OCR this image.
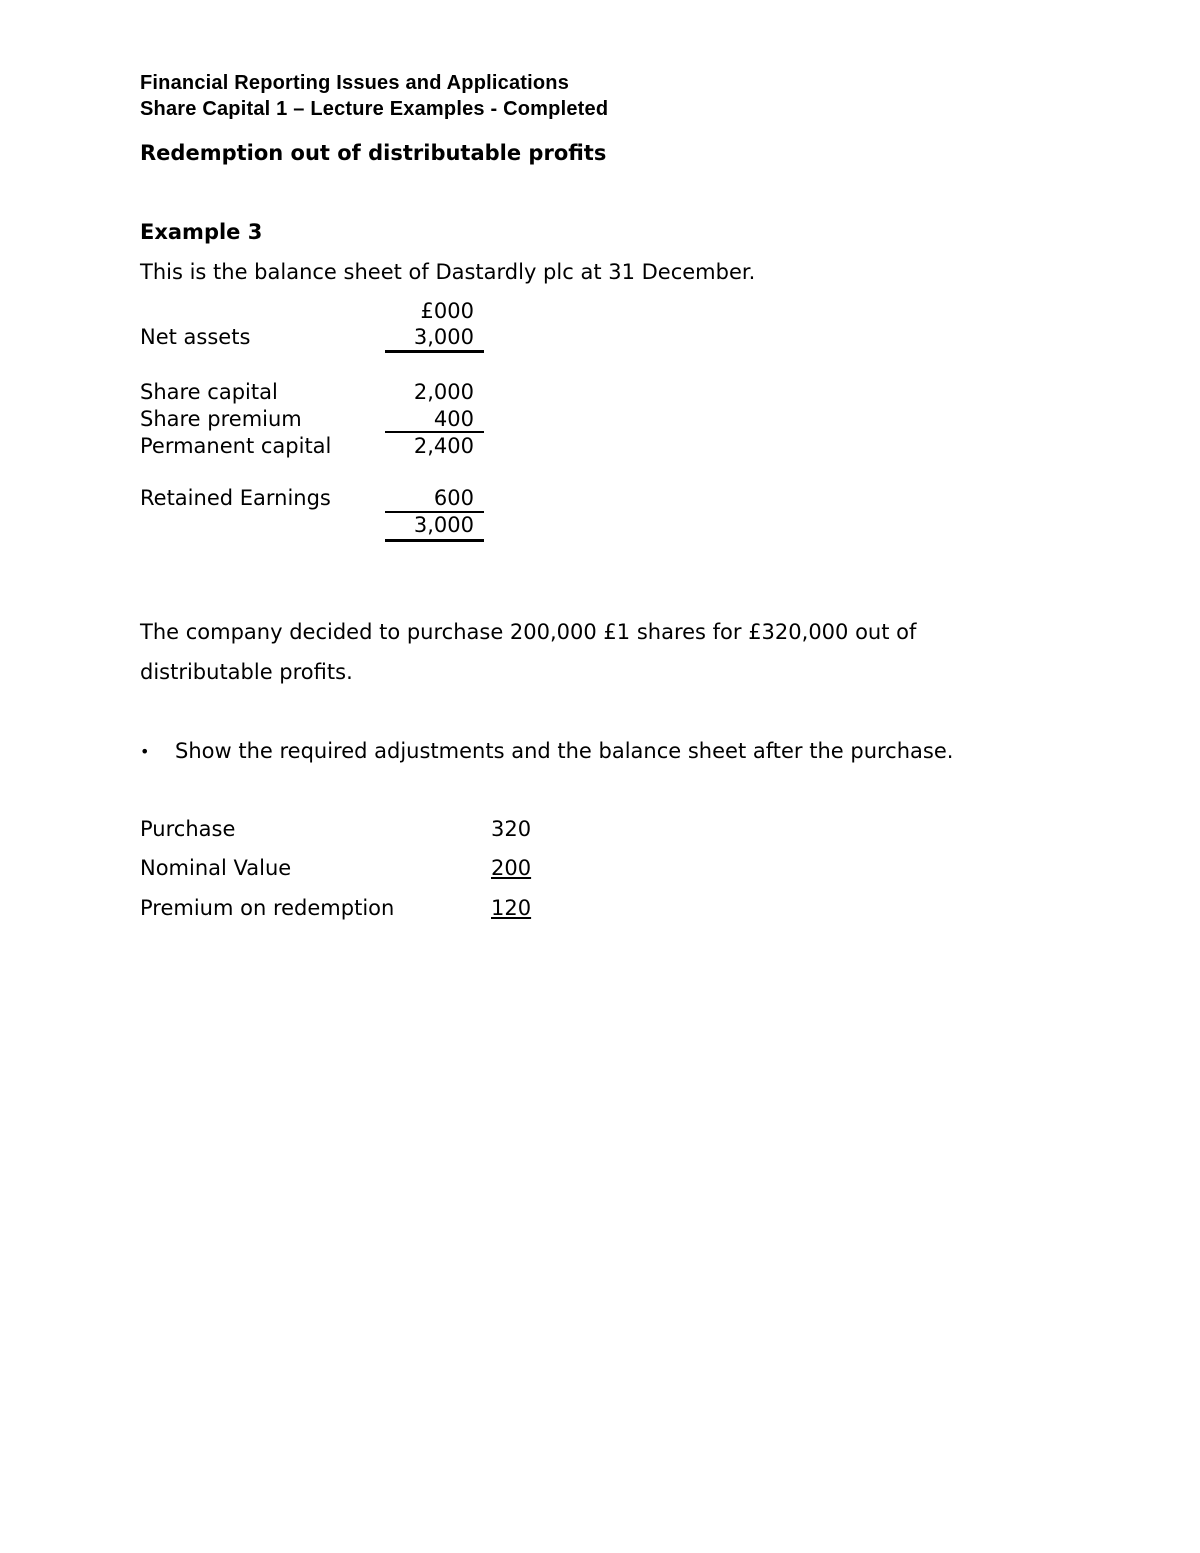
Financial Reporting Issues and Applications
Share Capital 1 – Lecture Examples - Completed
Redemption out of distributable profits
Example 3
This is the balance sheet of Dastardly plc at 31 December.
£000
Net assets	3,000
Share capital	2,000
Share premium	400
Permanent capital	2,400
Retained Earnings	600
3,000
The company decided to purchase 200,000 £1 shares for £320,000 out of
distributable profits.
• Show the required adjustments and the balance sheet after the purchase.
Purchase	320
Nominal Value	200
Premium on redemption	120
